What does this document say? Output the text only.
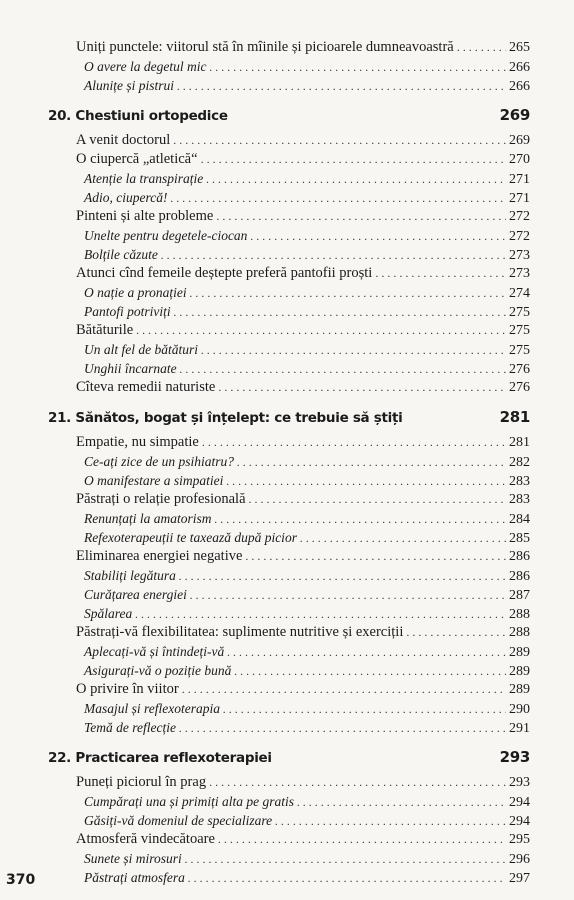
Uniți punctele: viitorul stă în mîinile și picioarele dumneavoastră . . .	265
O avere la degetul mic . . .	266
Alunițe și pistrui . . .	266
20. Chestiuni ortopedice	269
A venit doctorul . . .	269
O ciupercă „atletică“ . . .	270
Atenție la transpirație . . .	271
Adio, ciupercă! . . .	271
Pinteni și alte probleme . . .	272
Unelte pentru degetele-ciocan . . .	272
Bolțile căzute . . .	273
Atunci cînd femeile deștepte preferă pantofii proști . . .	273
O nație a pronației . . .	274
Pantofi potriviți . . .	275
Bătăturile . . .	275
Un alt fel de bătături . . .	275
Unghii încarnate . . .	276
Cîteva remedii naturiste . . .	276
21. Sănătos, bogat și înțelept: ce trebuie să știți	281
Empatie, nu simpatie . . .	281
Ce-ați zice de un psihiatru? . . .	282
O manifestare a simpatiei . . .	283
Păstrați o relație profesională . . .	283
Renunțați la amatorism . . .	284
Refexoterapeuții te taxează după picior . . .	285
Eliminarea energiei negative . . .	286
Stabiliți legătura . . .	286
Curățarea energiei . . .	287
Spălarea . . .	288
Păstrați-vă flexibilitatea: suplimente nutritive și exerciții . . .	288
Aplecați-vă și întindeți-vă . . .	289
Asigurați-vă o poziție bună . . .	289
O privire în viitor . . .	289
Masajul și reflexoterapia . . .	290
Temă de reflecție . . .	291
22. Practicarea reflexoterapiei	293
Puneți piciorul în prag . . .	293
Cumpărați una și primiți alta pe gratis . . .	294
Găsiți-vă domeniul de specializare . . .	294
Atmosferă vindecătoare . . .	295
Sunete și mirosuri . . .	296
Păstrați atmosfera . . .	297
370
